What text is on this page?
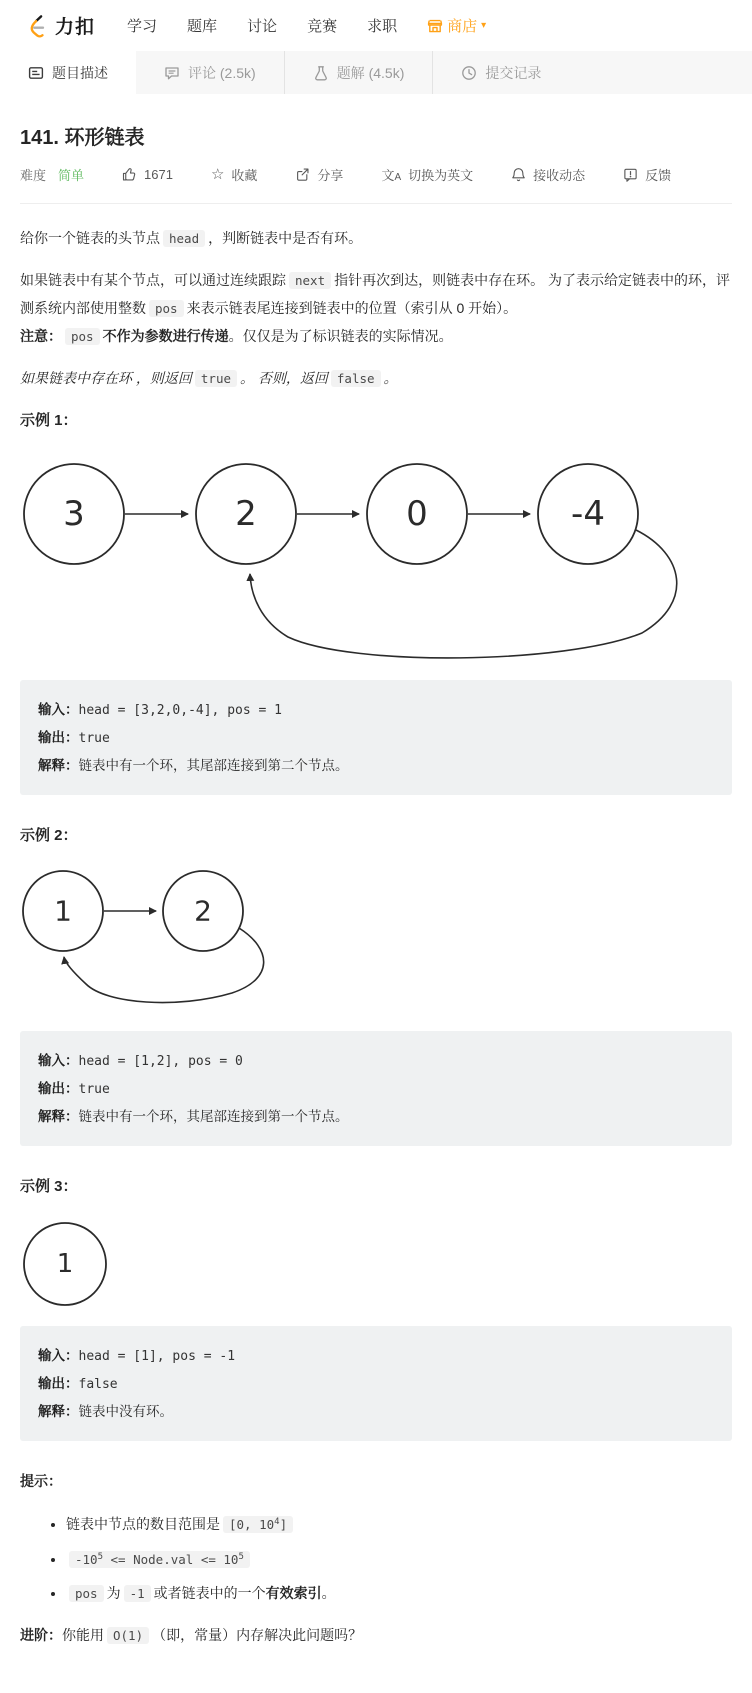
力扣 学习 题库 讨论 竞赛 求职	商店 ▾
题目描述	评论 (2.5k)	题解 (4.5k)	提交记录
141. 环形链表
难度 简单	1671	☆ 收藏	分享	文A 切换为英文	接收动态	反馈

给你一个链表的头节点 head ，判断链表中是否有环。

如果链表中有某个节点，可以通过连续跟踪 next 指针再次到达，则链表中存在环。 为了表示给定链表中的环，评测系统内部使用整数 pos 来表示链表尾连接到链表中的位置（索引从 0 开始）。
注意： pos 不作为参数进行传递。仅仅是为了标识链表的实际情况。

如果链表中存在环 ，则返回 true 。 否则，返回 false 。

示例 1：

3	2	0	-4
输入：head = [3,2,0,-4], pos = 1
输出：true
解释：链表中有一个环，其尾部连接到第二个节点。

示例 2：

1	2
输入：head = [1,2], pos = 0
输出：true
解释：链表中有一个环，其尾部连接到第一个节点。

示例 3：

1
输入：head = [1], pos = -1
输出：false
解释：链表中没有环。

提示：

• 链表中节点的数目范围是 [0, $10^4$]
• $-10^5$ <= Node.val <= $10^5$
• pos 为 -1 或者链表中的一个有效索引。

进阶：你能用 O(1) （即，常量）内存解决此问题吗？
